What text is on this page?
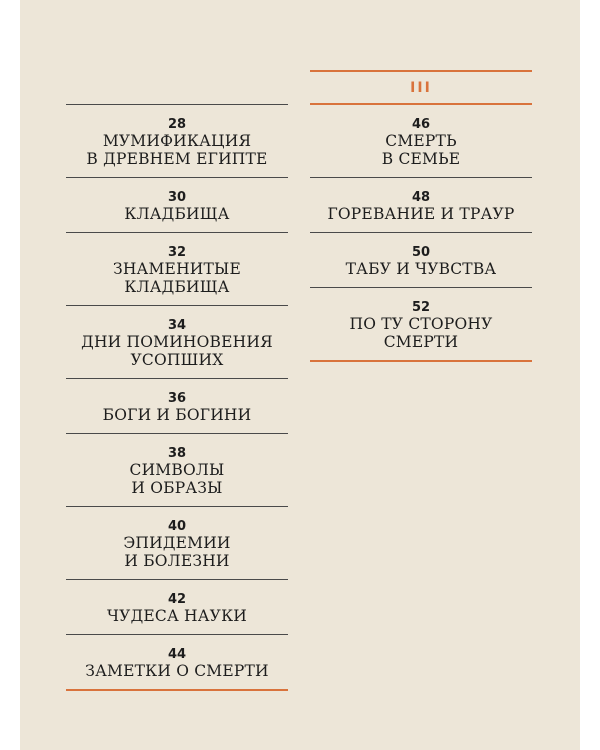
28
МУМИФИКАЦИЯ
В ДРЕВНЕМ ЕГИПТЕ
30
КЛАДБИЩА
32
ЗНАМЕНИТЫЕ
КЛАДБИЩА
34
ДНИ ПОМИНОВЕНИЯ
УСОПШИХ
36
БОГИ И БОГИНИ
38
СИМВОЛЫ
И ОБРАЗЫ
40
ЭПИДЕМИИ
И БОЛЕЗНИ
42
ЧУДЕСА НАУКИ
44
ЗАМЕТКИ О СМЕРТИ
III
46
СМЕРТЬ
В СЕМЬЕ
48
ГОРЕВАНИЕ И ТРАУР
50
ТАБУ И ЧУВСТВА
52
ПО ТУ СТОРОНУ
СМЕРТИ
